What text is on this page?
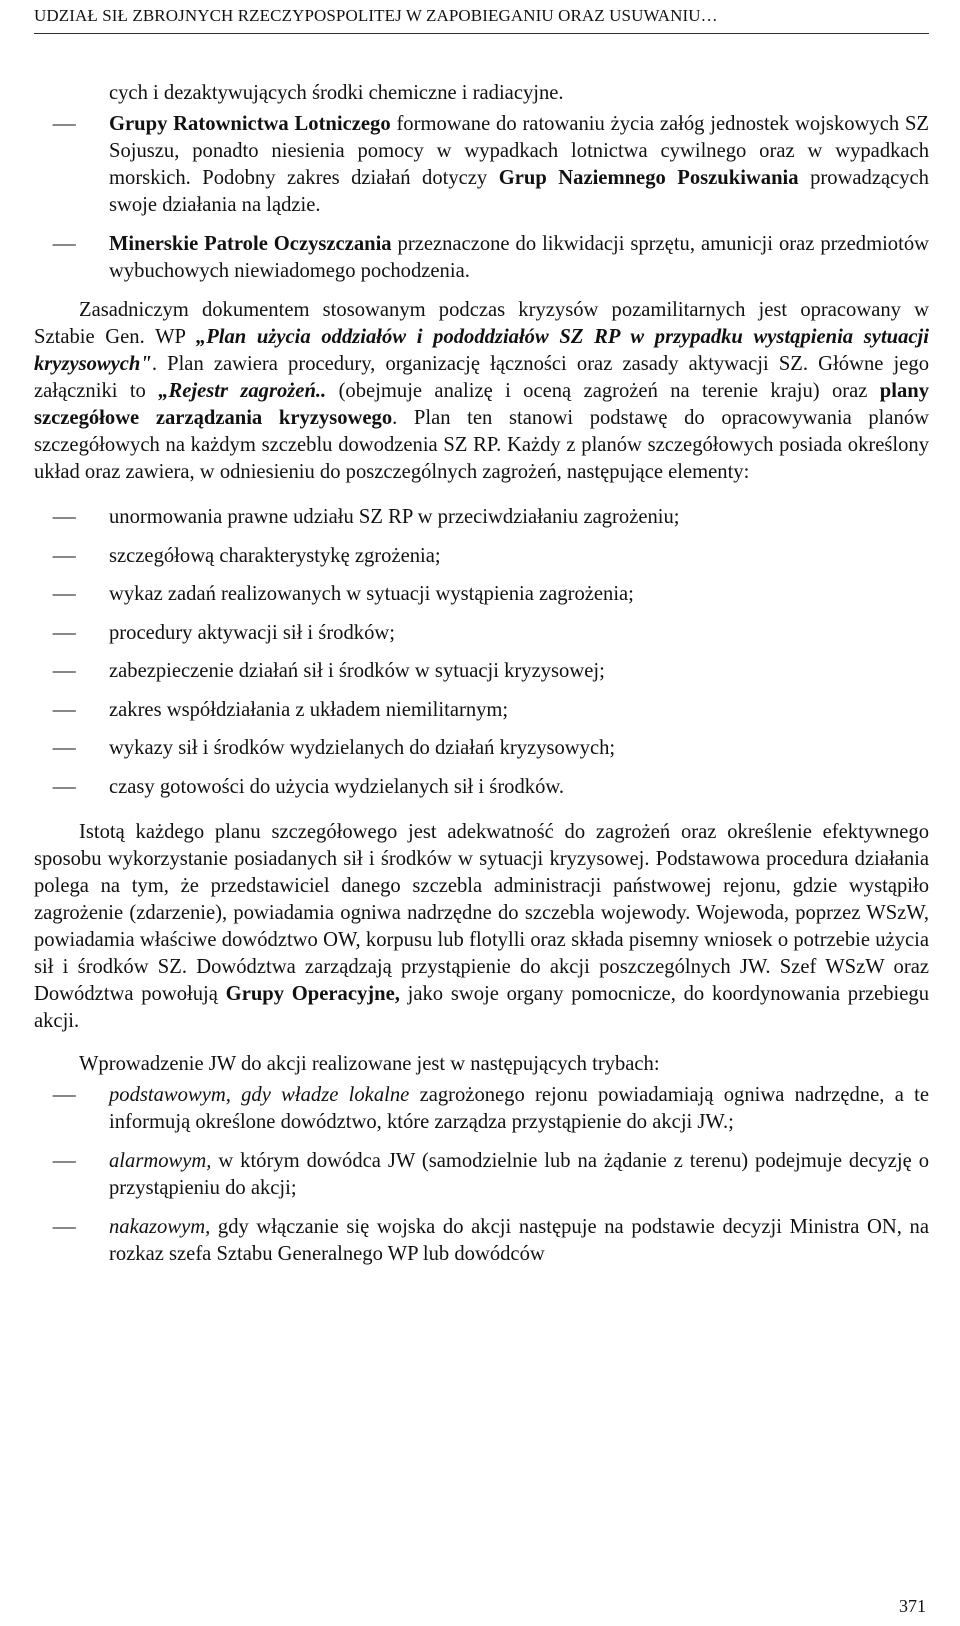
UDZIAŁ SIŁ ZBROJNYCH RZECZYPOSPOLITEJ W ZAPOBIEGANIU ORAZ USUWANIU…

cych i dezaktywujących środki chemiczne i radiacyjne.

–
Grupy Ratownictwa Lotniczego formowane do ratowaniu życia załóg jednostek wojskowych SZ Sojuszu, ponadto niesienia pomocy w wypadkach lotnictwa cywilnego oraz w wypadkach morskich. Podobny zakres działań dotyczy Grup Naziemnego Poszukiwania prowadzących swoje działania na lądzie.

–
Minerskie Patrole Oczyszczania przeznaczone do likwidacji sprzętu, amunicji oraz przedmiotów wybuchowych niewiadomego pochodzenia.

Zasadniczym dokumentem stosowanym podczas kryzysów pozamilitarnych jest opracowany w Sztabie Gen. WP „Plan użycia oddziałów i pododdziałów SZ RP w przypadku wystąpienia sytuacji kryzysowych". Plan zawiera procedury, organizację łączności oraz zasady aktywacji SZ. Główne jego załączniki to „Rejestr zagrożeń.. (obejmuje analizę i oceną zagrożeń na terenie kraju) oraz plany szczegółowe zarządzania kryzysowego. Plan ten stanowi podstawę do opracowywania planów szczegółowych na każdym szczeblu dowodzenia SZ RP. Każdy z planów szczegółowych posiada określony układ oraz zawiera, w odniesieniu do poszczególnych zagrożeń, następujące elementy:

–
unormowania prawne udziału SZ RP w przeciwdziałaniu zagrożeniu;

–
szczegółową charakterystykę zgrożenia;

–
wykaz zadań realizowanych w sytuacji wystąpienia zagrożenia;

–
procedury aktywacji sił i środków;

–
zabezpieczenie działań sił i środków w sytuacji kryzysowej;

–
zakres współdziałania z układem niemilitarnym;

–
wykazy sił i środków wydzielanych do działań kryzysowych;

–
czasy gotowości do użycia wydzielanych sił i środków.

Istotą każdego planu szczegółowego jest adekwatność do zagrożeń oraz określenie efektywnego sposobu wykorzystanie posiadanych sił i środków w sytuacji kryzysowej. Podstawowa procedura działania polega na tym, że przedstawiciel danego szczebla administracji państwowej rejonu, gdzie wystąpiło zagrożenie (zdarzenie), powiadamia ogniwa nadrzędne do szczebla wojewody. Wojewoda, poprzez WSzW, powiadamia właściwe dowództwo OW, korpusu lub flotylli oraz składa pisemny wniosek o potrzebie użycia sił i środków SZ. Dowództwa zarządzają przystąpienie do akcji poszczególnych JW. Szef WSzW oraz Dowództwa powołują Grupy Operacyjne, jako swoje organy pomocnicze, do koordynowania przebiegu akcji.

Wprowadzenie JW do akcji realizowane jest w następujących trybach:

–
podstawowym, gdy władze lokalne zagrożonego rejonu powiadamiają ogniwa nadrzędne, a te informują określone dowództwo, które zarządza przystąpienie do akcji JW.;

–
alarmowym, w którym dowódca JW (samodzielnie lub na żądanie z terenu) podejmuje decyzję o przystąpieniu do akcji;

–
nakazowym, gdy włączanie się wojska do akcji następuje na podstawie decyzji Ministra ON, na rozkaz szefa Sztabu Generalnego WP lub dowódców

371
